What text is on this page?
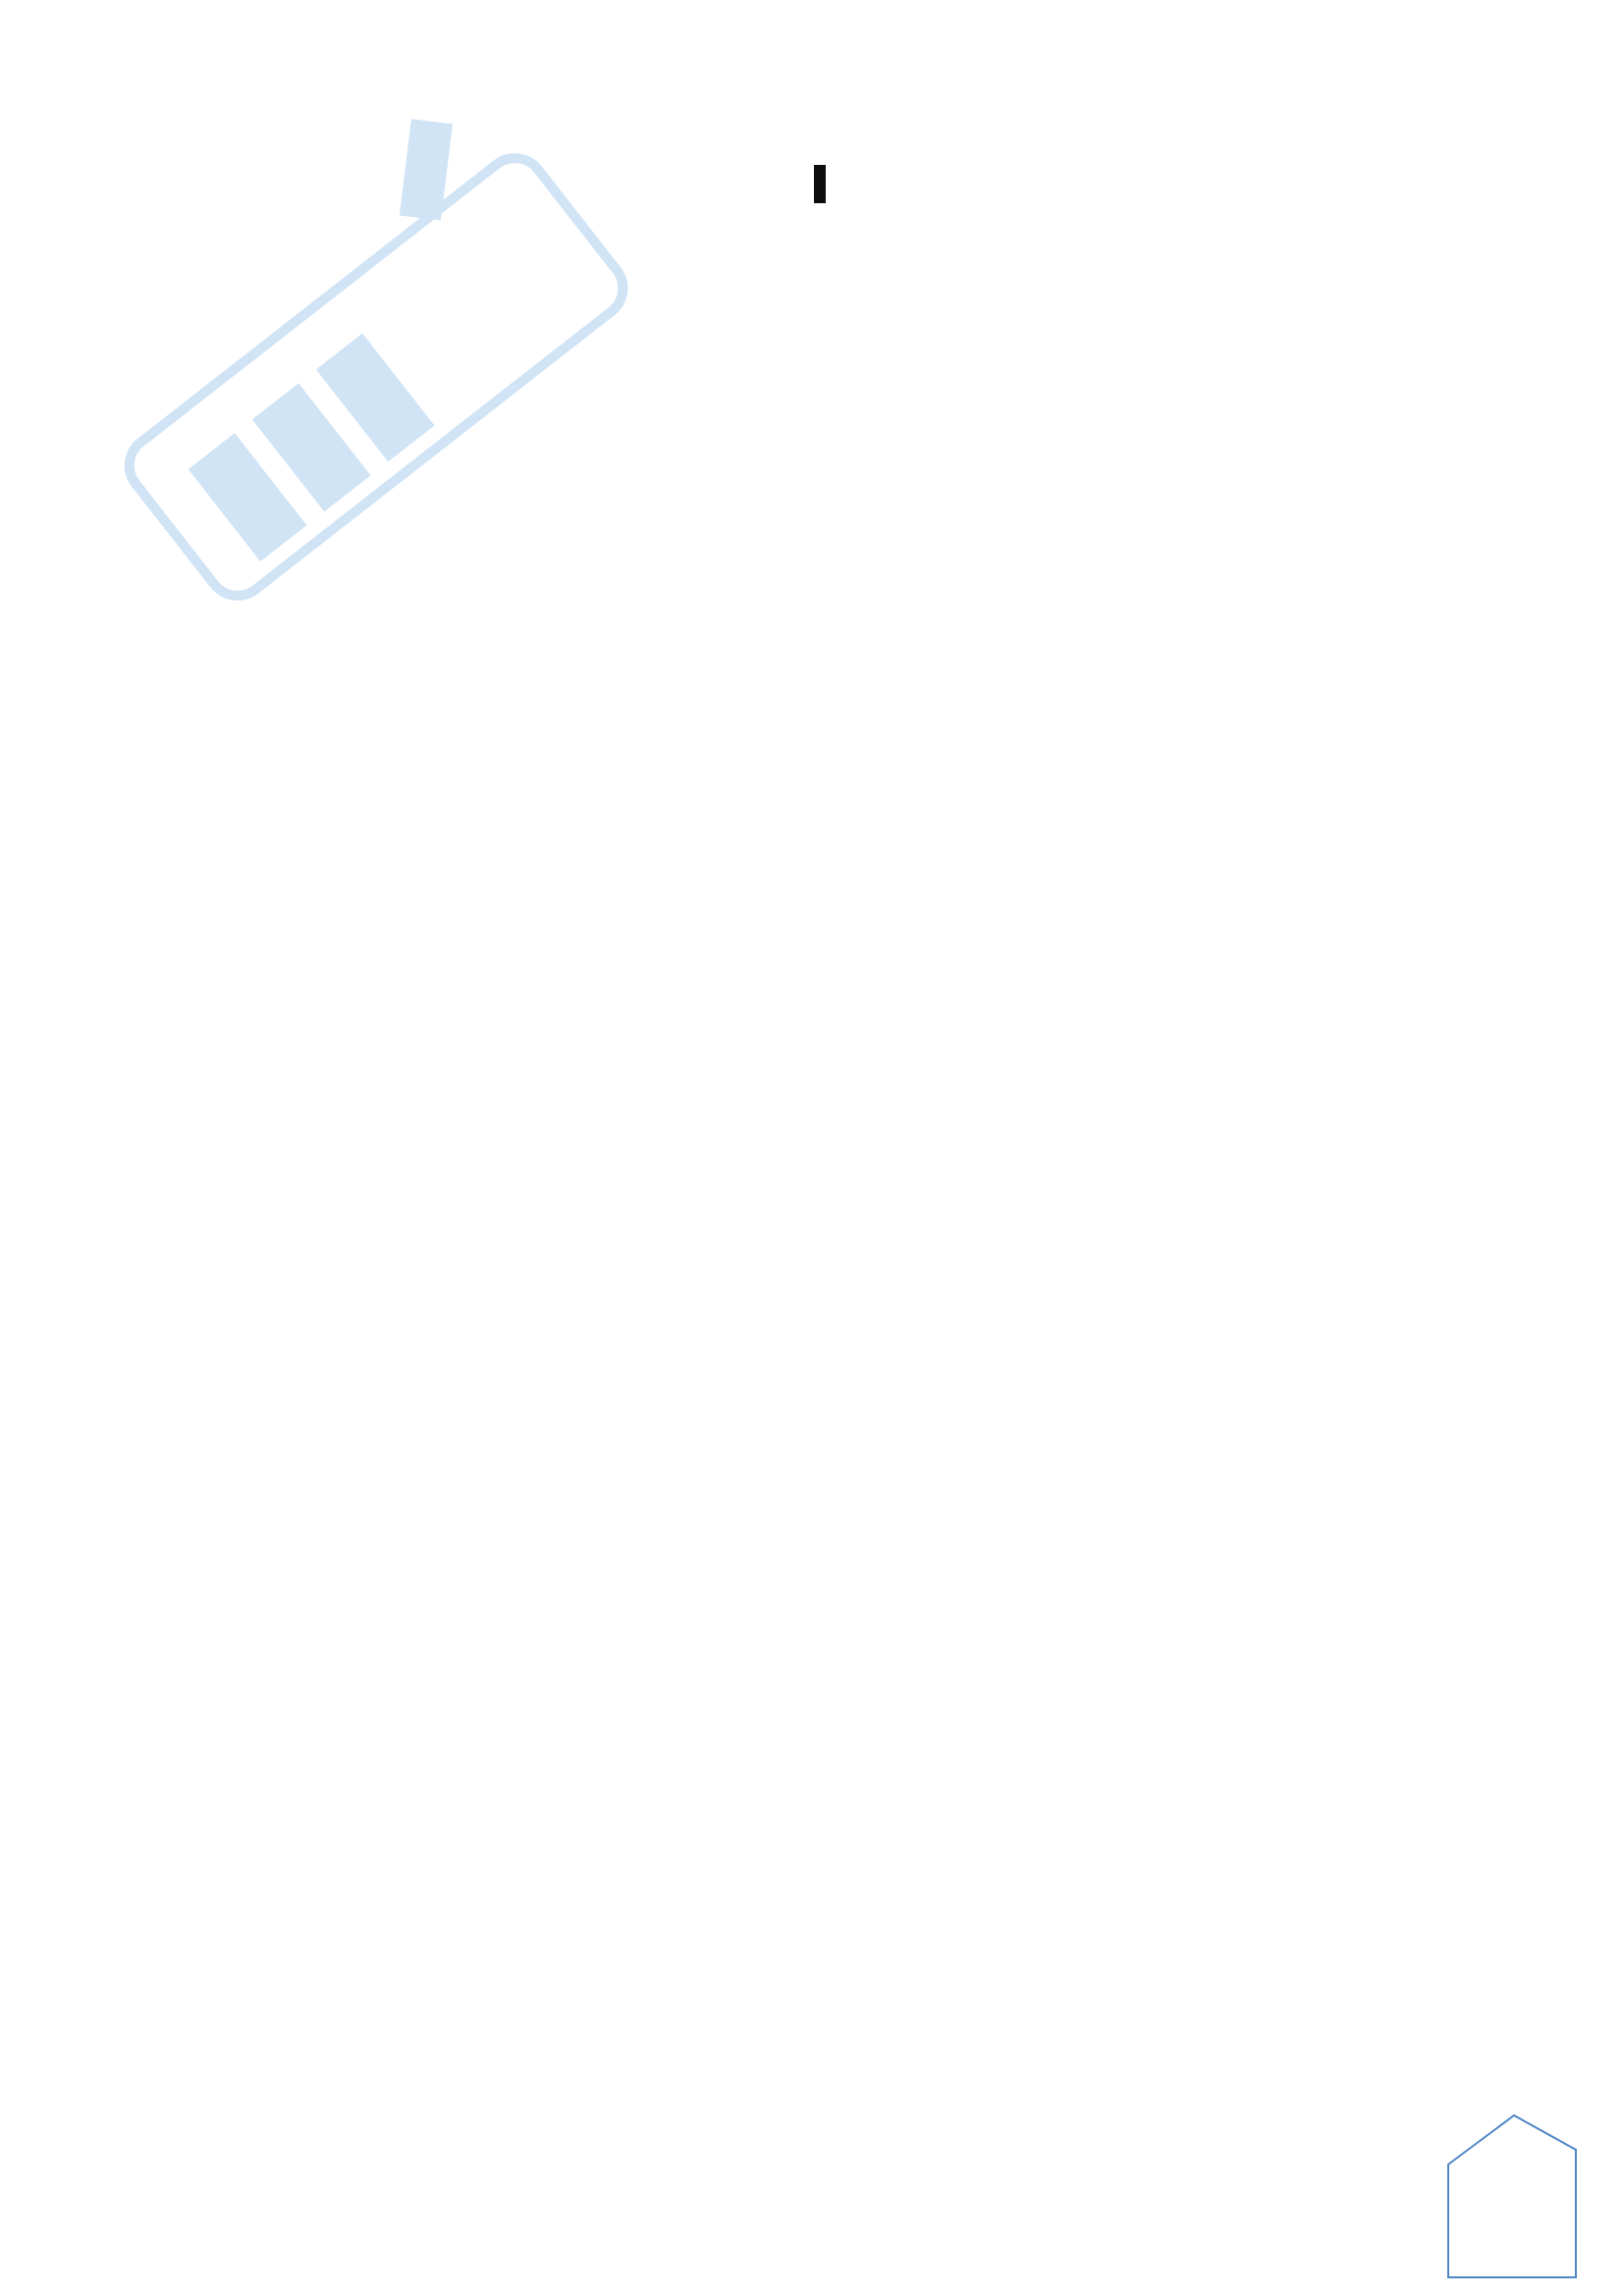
▮▮▮
